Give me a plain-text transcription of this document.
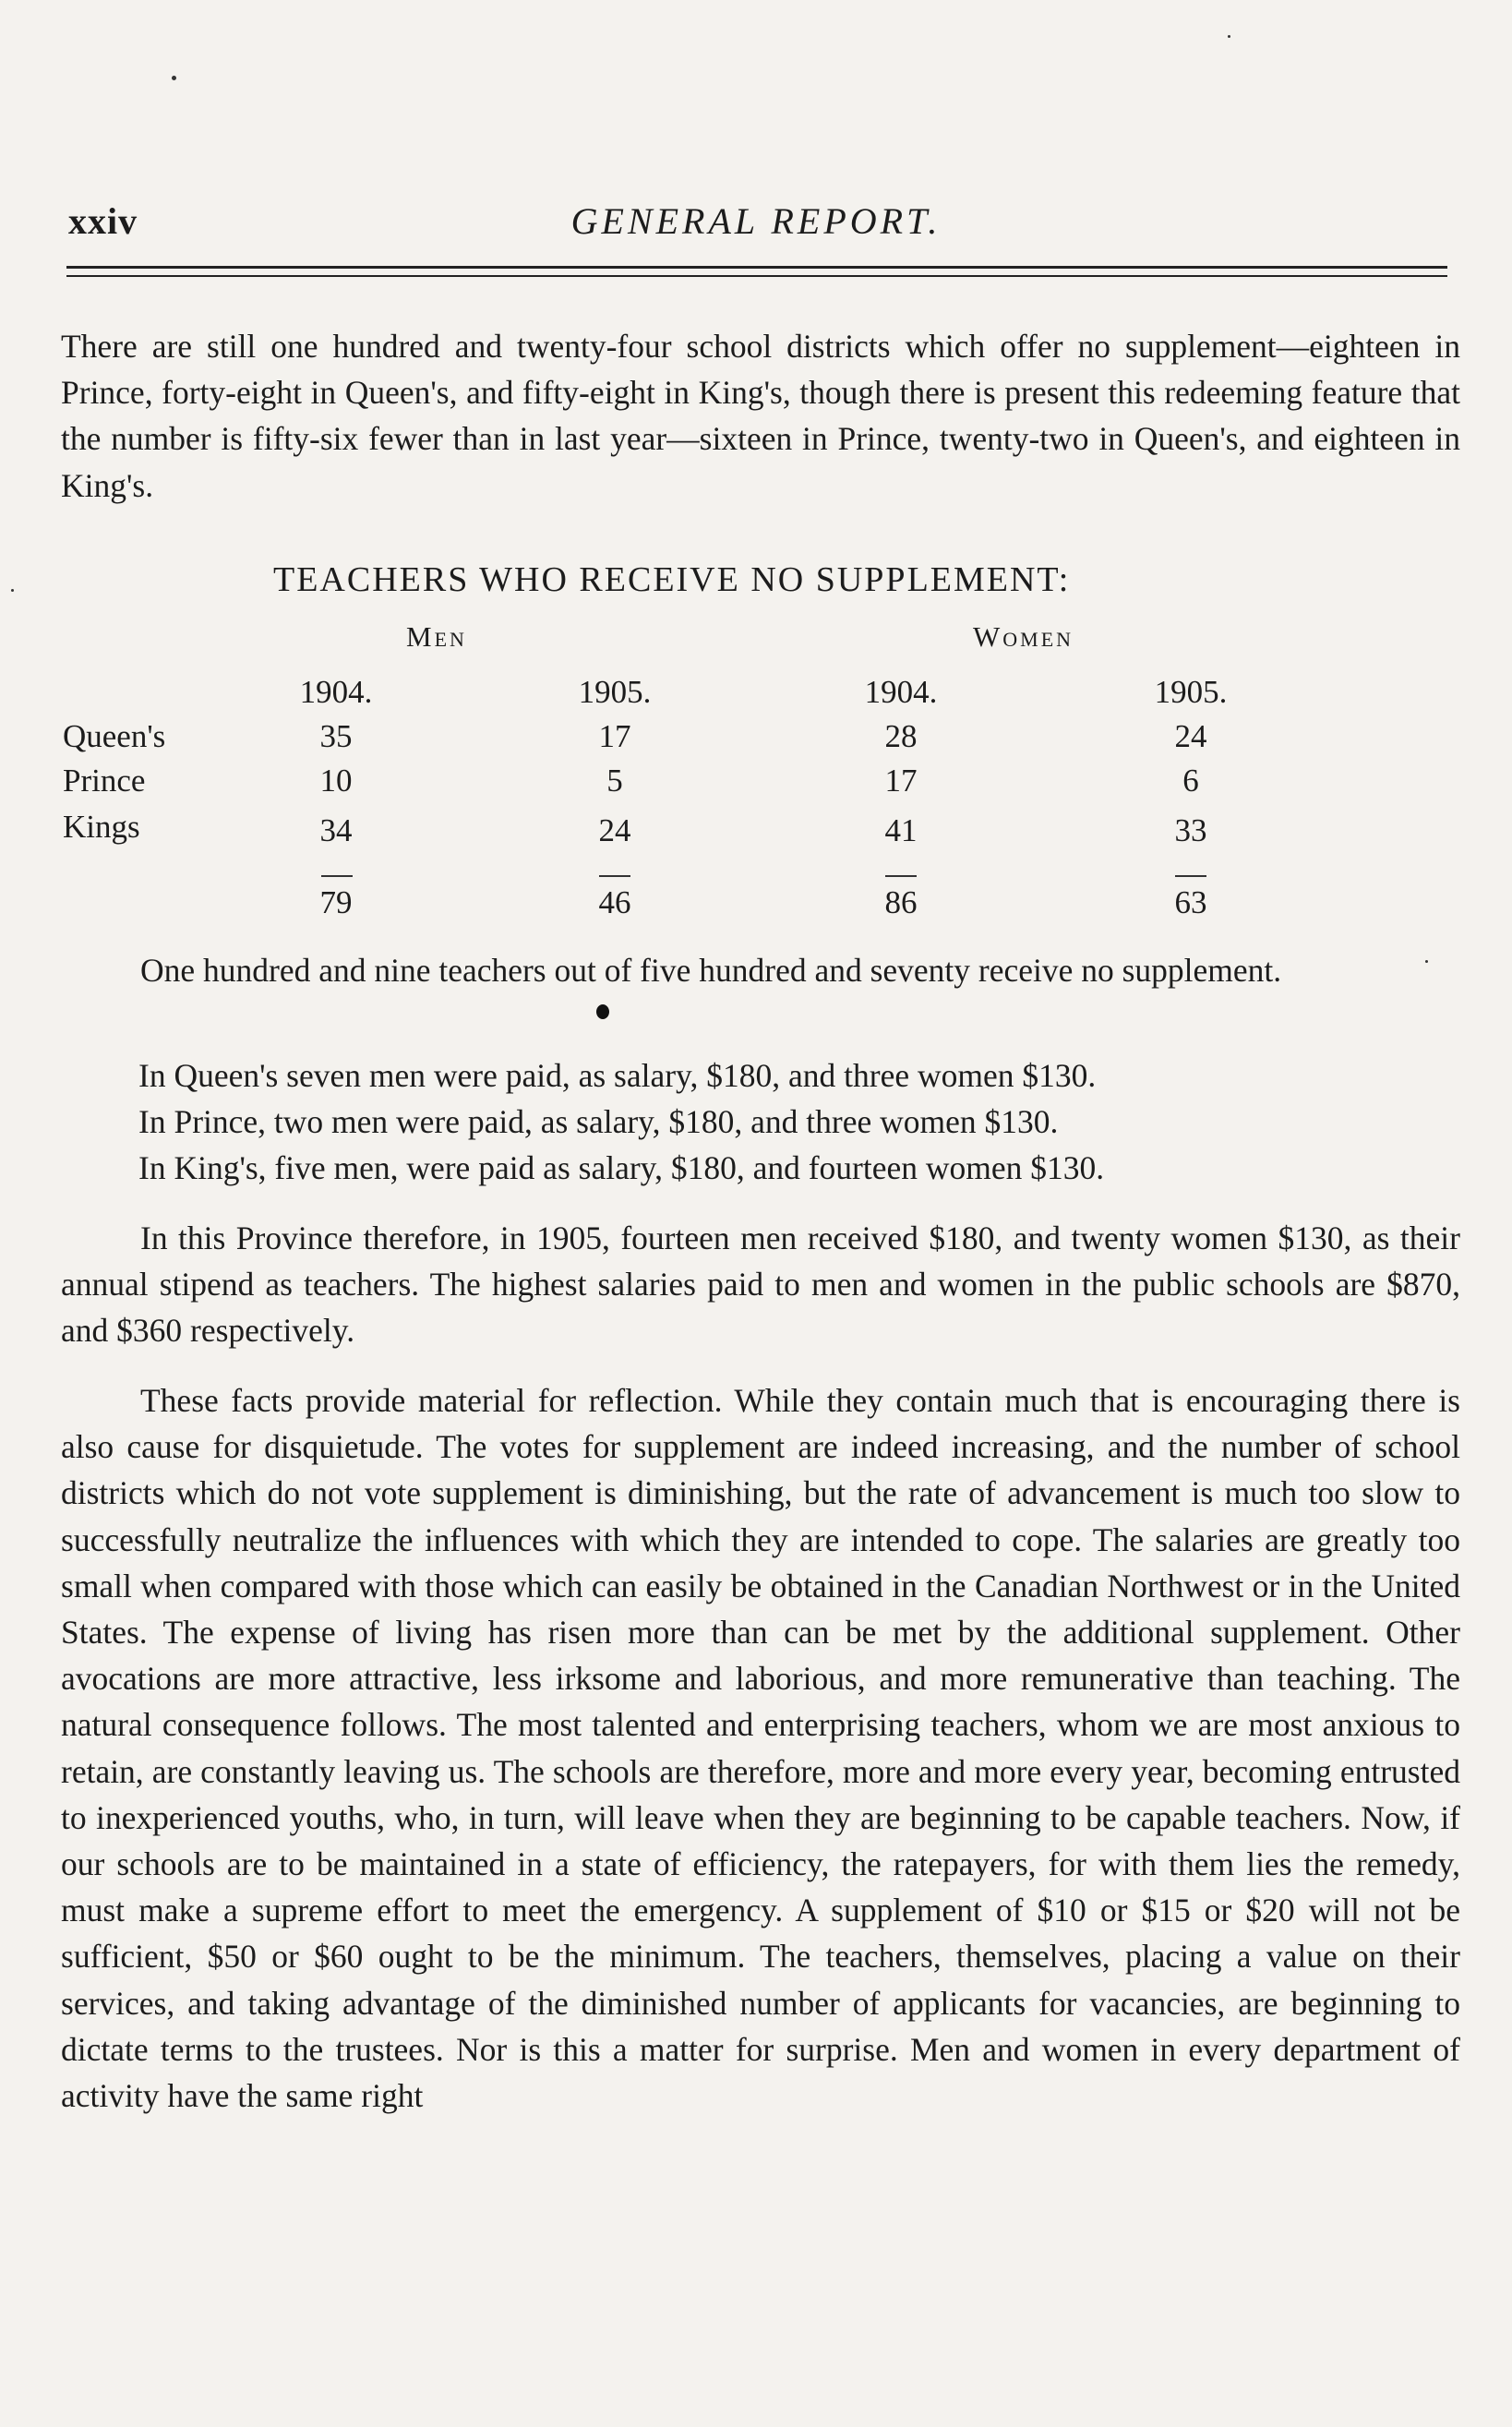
xxiv	GENERAL REPORT.

There are still one hundred and twenty-four school districts which offer no supplement—eighteen in Prince, forty-eight in Queen's, and fifty-eight in King's, though there is present this redeeming feature that the number is fifty-six fewer than in last year—sixteen in Prince, twenty-two in Queen's, and eighteen in King's.

TEACHERS WHO RECEIVE NO SUPPLEMENT:
Men	Women
1904.	1905.	1904.	1905.
Queen's	35	17	28	24
Prince	10	5	17	6
Kings	34	24	41	33
79	46	86	63

One hundred and nine teachers out of five hundred and seventy receive no supplement.

In Queen's seven men were paid, as salary, $180, and three women $130.

In Prince, two men were paid, as salary, $180, and three women $130.

In King's, five men, were paid as salary, $180, and fourteen women $130.

In this Province therefore, in 1905, fourteen men received $180, and twenty women $130, as their annual stipend as teachers. The highest salaries paid to men and women in the public schools are $870, and $360 respectively.

These facts provide material for reflection. While they contain much that is encouraging there is also cause for disquietude. The votes for supplement are indeed increasing, and the number of school districts which do not vote supplement is diminishing, but the rate of advancement is much too slow to successfully neutralize the influences with which they are intended to cope. The salaries are greatly too small when compared with those which can easily be obtained in the Canadian Northwest or in the United States. The expense of living has risen more than can be met by the additional supplement. Other avocations are more attractive, less irksome and laborious, and more remunerative than teaching. The natural consequence follows. The most talented and enterprising teachers, whom we are most anxious to retain, are constantly leaving us. The schools are therefore, more and more every year, becoming entrusted to inexperienced youths, who, in turn, will leave when they are beginning to be capable teachers. Now, if our schools are to be maintained in a state of efficiency, the ratepayers, for with them lies the remedy, must make a supreme effort to meet the emergency. A supplement of $10 or $15 or $20 will not be sufficient, $50 or $60 ought to be the minimum. The teachers, themselves, placing a value on their services, and taking advantage of the diminished number of applicants for vacancies, are beginning to dictate terms to the trustees. Nor is this a matter for surprise. Men and women in every department of activity have the same right
